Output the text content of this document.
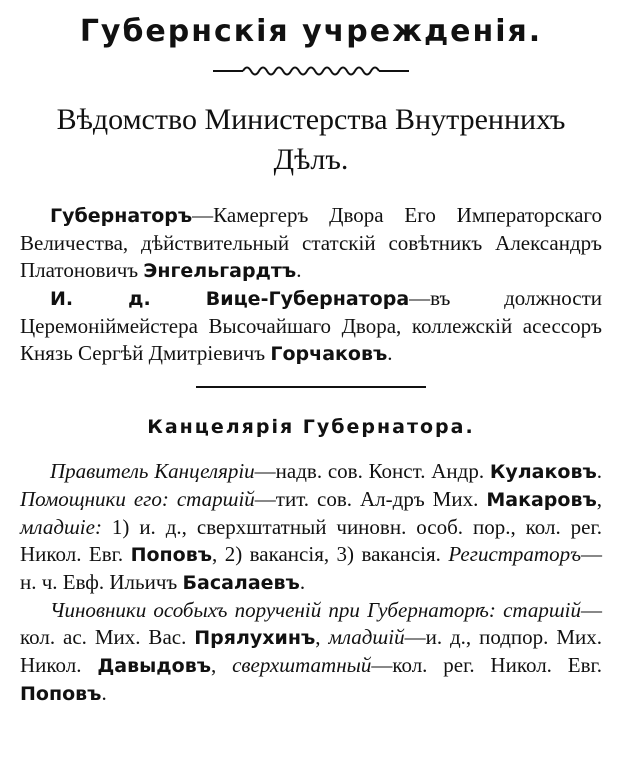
Губернскія учрежденія.
Вѣдомство Министерства Внутреннихъ
Дѣлъ.

Губернаторъ—Камергеръ Двора Его Императорскаго Величества, дѣйствительный статскій совѣтникъ Александръ Платоновичъ Энгельгардтъ.

И. д. Вице-Губернатора—въ должности Церемоніймейстера Высочайшаго Двора, коллежскій асессоръ Князь Сергѣй Дмитріевичъ Горчаковъ.

Канцелярія Губернатора.

Правитель Канцеляріи—надв. сов. Конст. Андр. Кулаковъ. Помощники его: старшій—тит. сов. Ал-дръ Мих. Макаровъ, младшіе: 1) и. д., сверхштатный чиновн. особ. пор., кол. рег. Никол. Евг. Поповъ, 2) вакансія, 3) вакансія. Регистраторъ—н. ч. Евф. Ильичъ Басалаевъ.

Чиновники особыхъ порученій при Губернаторѣ: старшій—кол. ас. Мих. Вас. Прялухинъ, младшій—и. д., подпор. Мих. Никол. Давыдовъ, сверхштатный—кол. рег. Никол. Евг. Поповъ.
